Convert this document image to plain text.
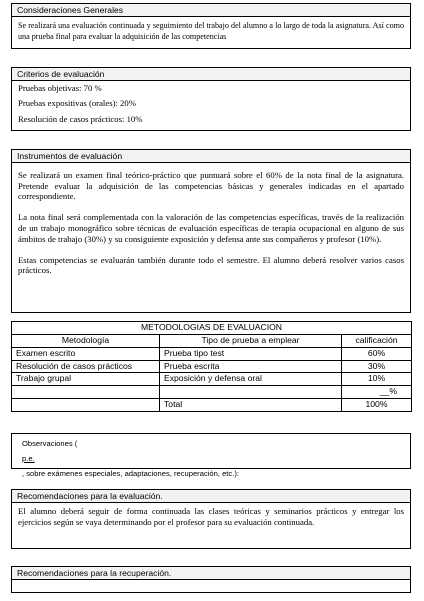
Consideraciones Generales
Se realizará una evaluación continuada y seguimiento del trabajo del alumno a lo largo de toda la asignatura. Así como una prueba final para evaluar la adquisición de las competencias
Criterios de evaluación
Pruebas objetivas: 70 %
Pruebas expositivas (orales): 20%
Resolución de casos prácticos: 10%
Instrumentos de evaluación

Se realizará un examen final teórico-práctico que puntuará sobre el 60% de la nota final de la asignatura. Pretende evaluar la adquisición de las competencias básicas y generales indicadas en el apartado correspondiente.

La nota final será complementada con la valoración de las competencias específicas, través de la realización de un trabajo monográfico sobre técnicas de evaluación específicas de terapia ocupacional en alguno de sus ámbitos de trabajo (30%) y su consiguiente exposición y defensa ante sus compañeros y profesor (10%).

Estas competencias se evaluarán también durante todo el semestre. El alumno deberá resolver varios casos prácticos.

METODOLOGIAS DE EVALUACION		
Metodología	Tipo de prueba a emplear	calificación
Examen escrito	Prueba tipo test	60%
Resolución de casos prácticos	Prueba escrita	30%
Trabajo grupal	Exposición y defensa oral	10%
		__%
	Total	100%
Observaciones (
p.e.
, sobre exámenes especiales, adaptaciones, recuperación, etc.):
Recomendaciones para la evaluación.
El alumno deberá seguir de forma continuada las clases teóricas y seminarios prácticos y entregar los ejercicios según se vaya determinando por el profesor para su evaluación continuada.
Recomendaciones para la recuperación.
